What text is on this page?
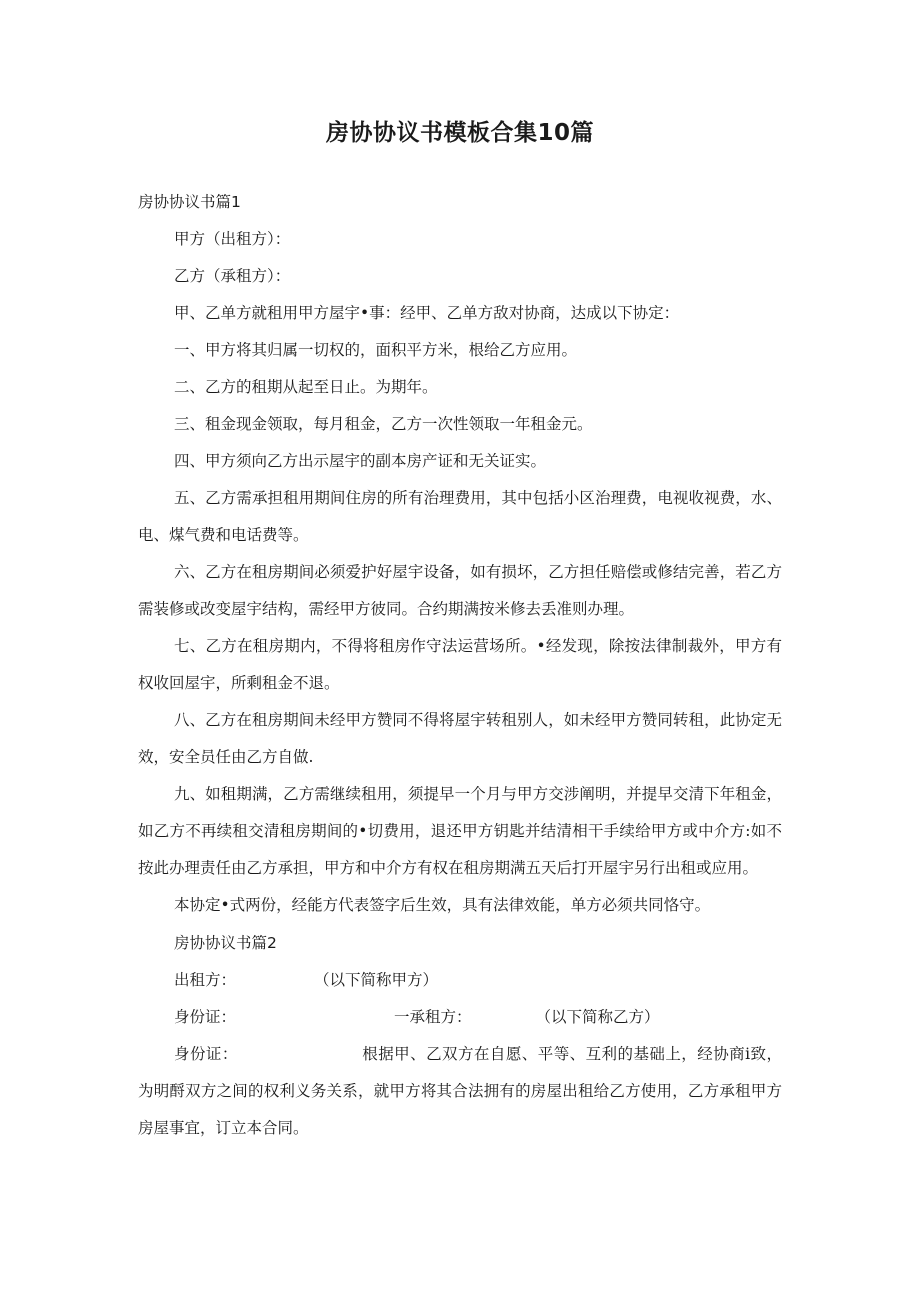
房协协议书模板合集10篇

房协协议书篇1

甲方（出租方）：

乙方（承租方）：

甲、乙单方就租用甲方屋宇•事：经甲、乙单方敌对协商，达成以下协定：

一、甲方将其归属一切权的，面积平方米，根给乙方应用。

二、乙方的租期从起至日止。为期年。

三、租金现金领取，每月租金，乙方一次性领取一年租金元。

四、甲方须向乙方出示屋宇的副本房产证和无关证实。

五、乙方需承担租用期间住房的所有治理费用，其中包括小区治理费，电视收视费，水、电、煤气费和电话费等。

六、乙方在租房期间必须爱护好屋宇设备，如有损坏，乙方担任赔偿或修结完善，若乙方需装修或改变屋宇结构，需经甲方彼同。合约期满按米修去丢准则办理。

七、乙方在租房期内，不得将租房作守法运营场所。•经发现，除按法律制裁外，甲方有权收回屋宇，所剩租金不退。

八、乙方在租房期间未经甲方赞同不得将屋宇转租别人，如未经甲方赞同转租，此协定无效，安全员任由乙方自做.

九、如租期满，乙方需继续租用，须提早一个月与甲方交涉阐明，并提早交清下年租金，如乙方不再续租交清租房期间的•切费用，退还甲方钥匙并结清相干手续给甲方或中介方:如不按此办理责任由乙方承担，甲方和中介方有权在租房期满五天后打开屋宇另行出租或应用。

本协定•式两份，经能方代表签字后生效，具有法律效能，单方必须共同恪守。

房协协议书篇2

出租方：	（以下简称甲方）

身份证：	一承租方：	（以下简称乙方）

身份证：	根据甲、乙双方在自愿、平等、互利的基础上，经协商i致，为明酹双方之间的权利义务关系，就甲方将其合法拥有的房屋出租给乙方使用，乙方承租甲方房屋事宜，订立本合同。
